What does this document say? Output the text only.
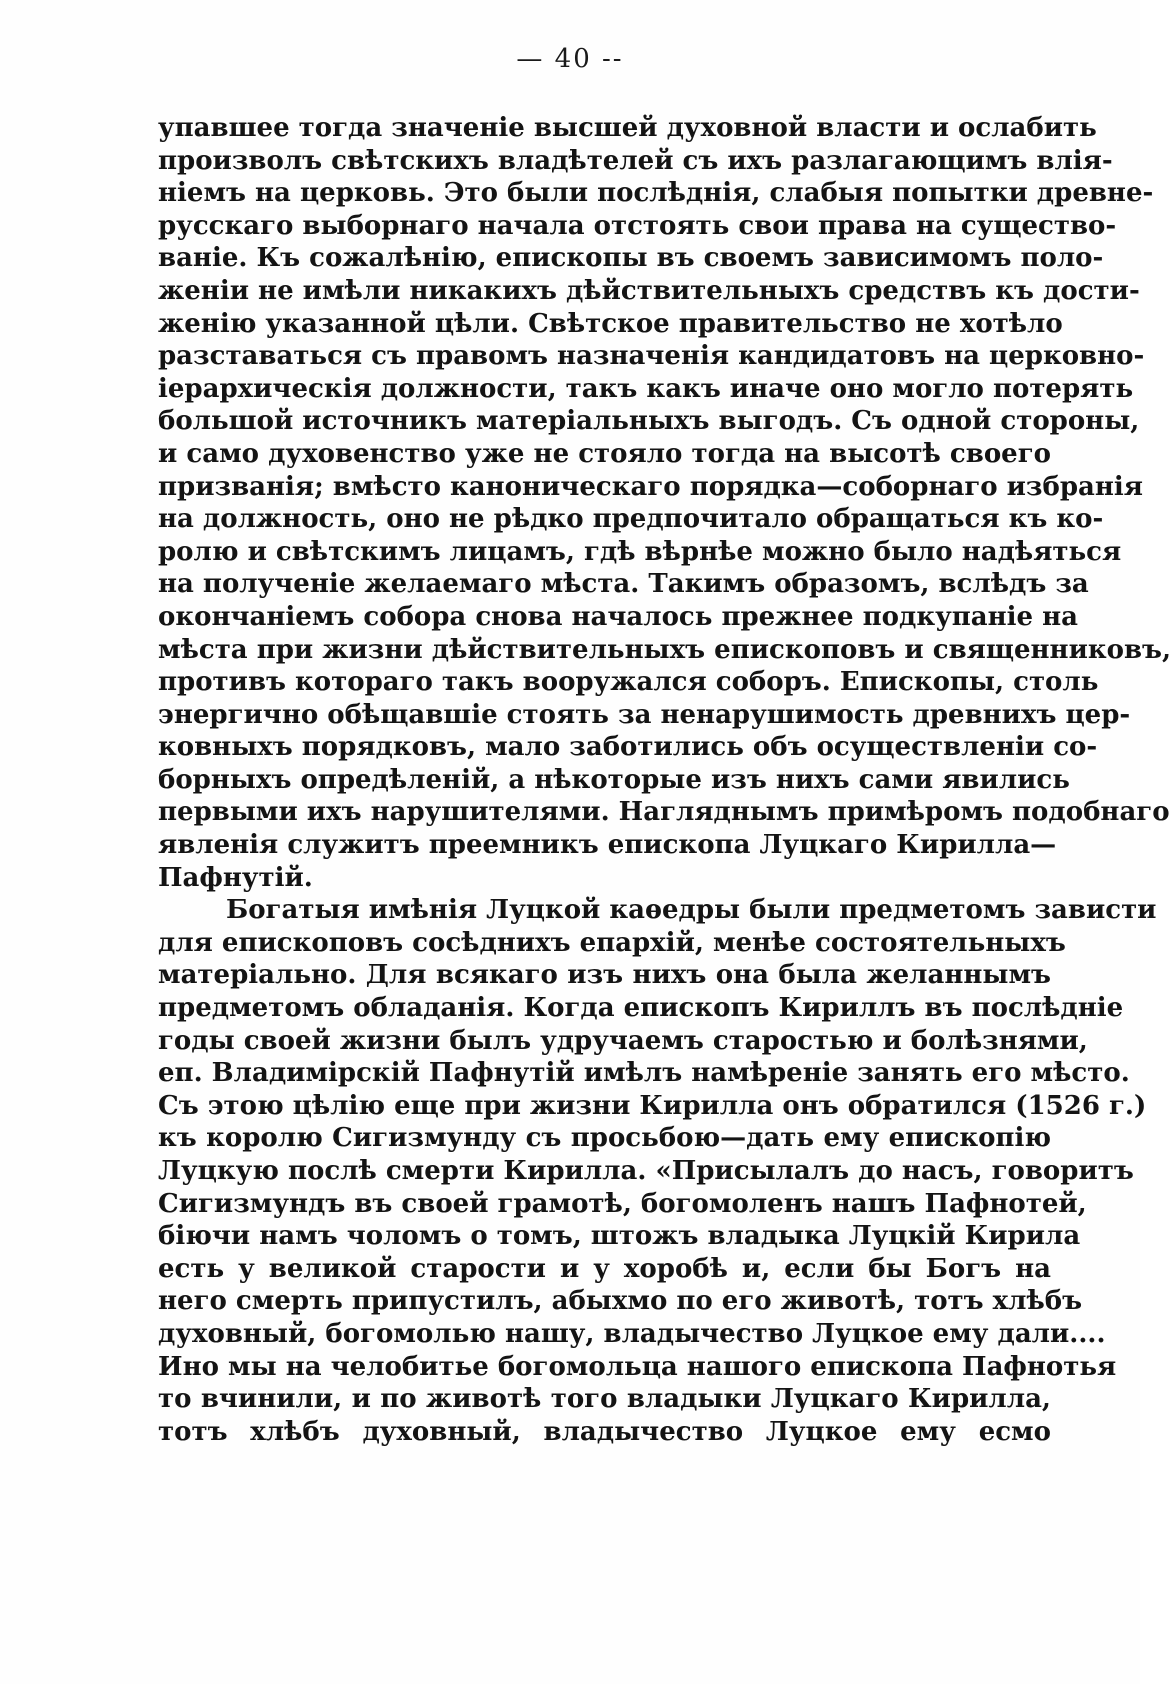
— 40 --
упавшее тогда значенiе высшей духовной власти и ослабить
произволъ свѣтскихъ владѣтелей съ ихъ разлагающимъ влiя-
нiемъ на церковь. Это были послѣднiя, слабыя попытки древне-
русскаго выборнаго начала отстоять свои права на существо-
ванiе. Къ сожалѣнiю, епископы въ своемъ зависимомъ поло-
женiи не имѣли никакихъ дѣйствительныхъ средствъ къ дости-
женiю указанной цѣли. Свѣтское правительство не хотѣло
разставаться съ правомъ назначенiя кандидатовъ на церковно-
iерархическiя должности, такъ какъ иначе оно могло потерять
большой источникъ матерiальныхъ выгодъ. Съ одной стороны,
и само духовенство уже не стояло тогда на высотѣ своего
призванiя; вмѣсто каноническаго порядка—соборнаго избранiя
на должность, оно не рѣдко предпочитало обращаться къ ко-
ролю и свѣтскимъ лицамъ, гдѣ вѣрнѣе можно было надѣяться
на полученiе желаемаго мѣста. Такимъ образомъ, вслѣдъ за
окончанiемъ собора снова началось прежнее подкупанiе на
мѣста при жизни дѣйствительныхъ епископовъ и священниковъ,
противъ котораго такъ вооружался соборъ. Епископы, столь
энергично обѣщавшiе стоять за ненарушимость древнихъ цер-
ковныхъ порядковъ, мало заботились объ осуществленiи со-
борныхъ опредѣленiй, а нѣкоторые изъ нихъ сами явились
первыми ихъ нарушителями. Нагляднымъ примѣромъ подобнаго
явленiя служитъ преемникъ епископа Луцкаго Кирилла—
Пафнутiй.
Богатыя имѣнiя Луцкой каѳедры были предметомъ зависти
для епископовъ сосѣднихъ епархiй, менѣе состоятельныхъ
матерiально. Для всякаго изъ нихъ она была желаннымъ
предметомъ обладанiя. Когда епископъ Кириллъ въ послѣднiе
годы своей жизни былъ удручаемъ старостью и болѣзнями,
еп. Владимiрскiй Пафнутiй имѣлъ намѣренiе занять его мѣсто.
Съ этою цѣлiю еще при жизни Кирилла онъ обратился (1526 г.)
къ королю Сигизмунду съ просьбою—дать ему епископiю
Луцкую послѣ смерти Кирилла. «Присылалъ до насъ, говоритъ
Сигизмундъ въ своей грамотѣ, богомоленъ нашъ Пафнотей,
бiючи намъ чоломъ о томъ, штожъ владыка Луцкiй Кирила
есть у великой старости и у хоробѣ и, если бы Богъ на
него смерть припустилъ, абыхмо по его животѣ, тотъ хлѣбъ
духовный, богомолью нашу, владычество Луцкое ему дали....
Ино мы на челобитье богомольца нашого епископа Пафнотья
то вчинили, и по животѣ того владыки Луцкаго Кирилла,
тотъ хлѣбъ духовный, владычество Луцкое ему есмо
